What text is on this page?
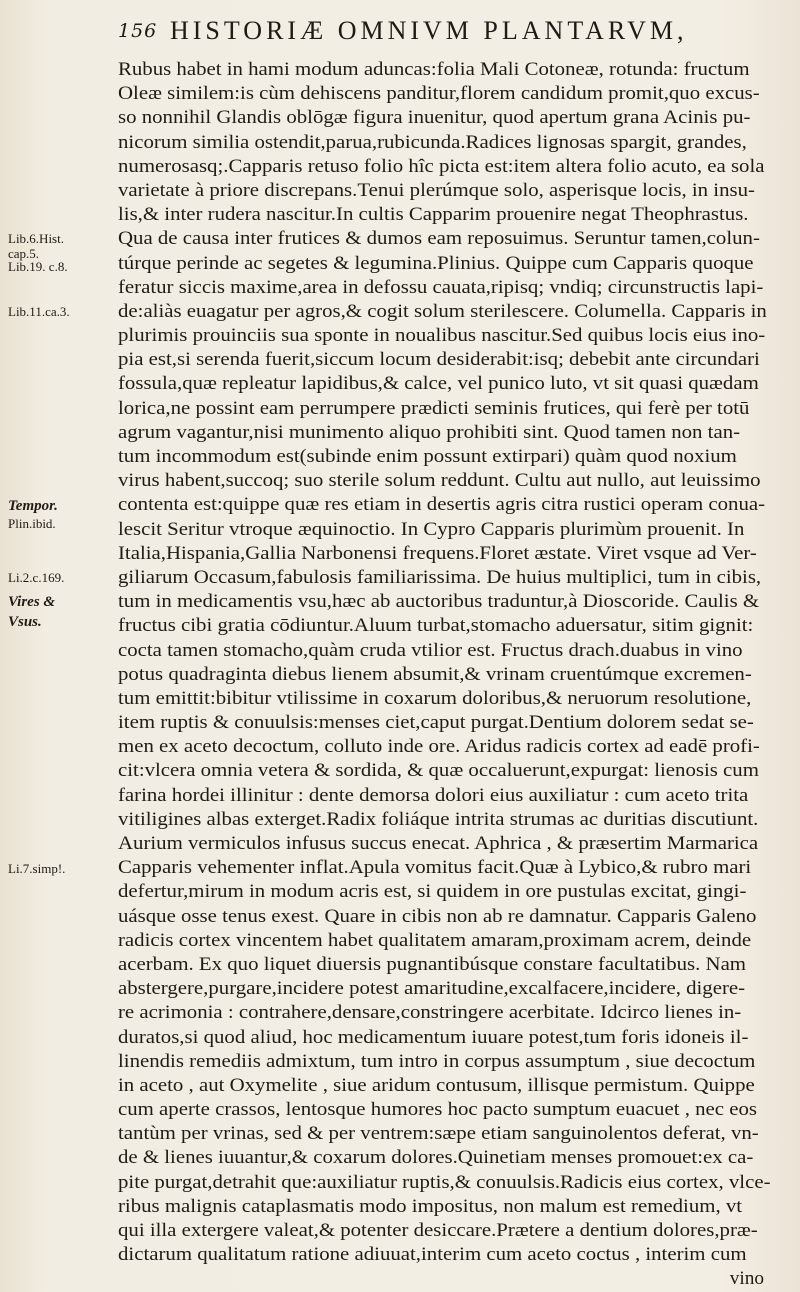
156 HISTORIÆ OMNIVM PLANTARVM,
Lib.6.Hist.
cap.5.
Lib.19. c.8.
Lib.11.ca.3.
Tempor.
Plin.ibid.
Li.2.c.169.
Vires &
Vsus.
Li.7.simp!.
Rubus habet in hami modum aduncas:folia Mali Cotoneæ, rotunda: fructum
Oleæ similem:is cùm dehiscens panditur,florem candidum promit,quo excus-
so nonnihil Glandis oblōgæ figura inuenitur, quod apertum grana Acinis pu-
nicorum similia ostendit,parua,rubicunda.Radices lignosas spargit, grandes,
numerosasq;.Capparis retuso folio hîc picta est:item altera folio acuto, ea sola
varietate à priore discrepans.Tenui plerúmque solo, asperisque locis, in insu-
lis,& inter rudera nascitur.In cultis Capparim prouenire negat Theophrastus.
Qua de causa inter frutices & dumos eam reposuimus. Seruntur tamen,colun-
túrque perinde ac segetes & legumina.Plinius. Quippe cum Capparis quoque
feratur siccis maxime,area in defossu cauata,ripisq; vndiq; circunstructis lapi-
de:aliàs euagatur per agros,& cogit solum sterilescere. Columella. Capparis in
plurimis prouinciis sua sponte in noualibus nascitur.Sed quibus locis eius ino-
pia est,si serenda fuerit,siccum locum desiderabit:isq; debebit ante circundari
fossula,quæ repleatur lapidibus,& calce, vel punico luto, vt sit quasi quædam
lorica,ne possint eam perrumpere prædicti seminis frutices, qui ferè per totū
agrum vagantur,nisi munimento aliquo prohibiti sint. Quod tamen non tan-
tum incommodum est(subinde enim possunt extirpari) quàm quod noxium
virus habent,succoq; suo sterile solum reddunt. Cultu aut nullo, aut leuissimo
contenta est:quippe quæ res etiam in desertis agris citra rustici operam conua-
lescit Seritur vtroque æquinoctio. In Cypro Capparis plurimùm prouenit. In
Italia,Hispania,Gallia Narbonensi frequens.Floret æstate. Viret vsque ad Ver-
giliarum Occasum,fabulosis familiarissima. De huius multiplici, tum in cibis,
tum in medicamentis vsu,hæc ab auctoribus traduntur,à Dioscoride. Caulis &
fructus cibi gratia cōdiuntur.Aluum turbat,stomacho aduersatur, sitim gignit:
cocta tamen stomacho,quàm cruda vtilior est. Fructus drach.duabus in vino
potus quadraginta diebus lienem absumit,& vrinam cruentúmque excremen-
tum emittit:bibitur vtilissime in coxarum doloribus,& neruorum resolutione,
item ruptis & conuulsis:menses ciet,caput purgat.Dentium dolorem sedat se-
men ex aceto decoctum, colluto inde ore. Aridus radicis cortex ad eadē profi-
cit:vlcera omnia vetera & sordida, & quæ occaluerunt,expurgat: lienosis cum
farina hordei illinitur : dente demorsa dolori eius auxiliatur : cum aceto trita
vitiligines albas exterget.Radix foliáque intrita strumas ac duritias discutiunt.
Aurium vermiculos infusus succus enecat. Aphrica , & præsertim Marmarica
Capparis vehementer inflat.Apula vomitus facit.Quæ à Lybico,& rubro mari
defertur,mirum in modum acris est, si quidem in ore pustulas excitat, gingi-
uásque osse tenus exest. Quare in cibis non ab re damnatur. Capparis Galeno
radicis cortex vincentem habet qualitatem amaram,proximam acrem, deinde
acerbam. Ex quo liquet diuersis pugnantibúsque constare facultatibus. Nam
abstergere,purgare,incidere potest amaritudine,excalfacere,incidere, digere-
re acrimonia : contrahere,densare,constringere acerbitate. Idcirco lienes in-
duratos,si quod aliud, hoc medicamentum iuuare potest,tum foris idoneis il-
linendis remediis admixtum, tum intro in corpus assumptum , siue decoctum
in aceto , aut Oxymelite , siue aridum contusum, illisque permistum. Quippe
cum aperte crassos, lentosque humores hoc pacto sumptum euacuet , nec eos
tantùm per vrinas, sed & per ventrem:sæpe etiam sanguinolentos deferat, vn-
de & lienes iuuantur,& coxarum dolores.Quinetiam menses promouet:ex ca-
pite purgat,detrahit que:auxiliatur ruptis,& conuulsis.Radicis eius cortex, vlce-
ribus malignis cataplasmatis modo impositus, non malum est remedium, vt
qui illa extergere valeat,& potenter desiccare.Prætere a dentium dolores,præ-
dictarum qualitatum ratione adiuuat,interim cum aceto coctus , interim cum
vino
